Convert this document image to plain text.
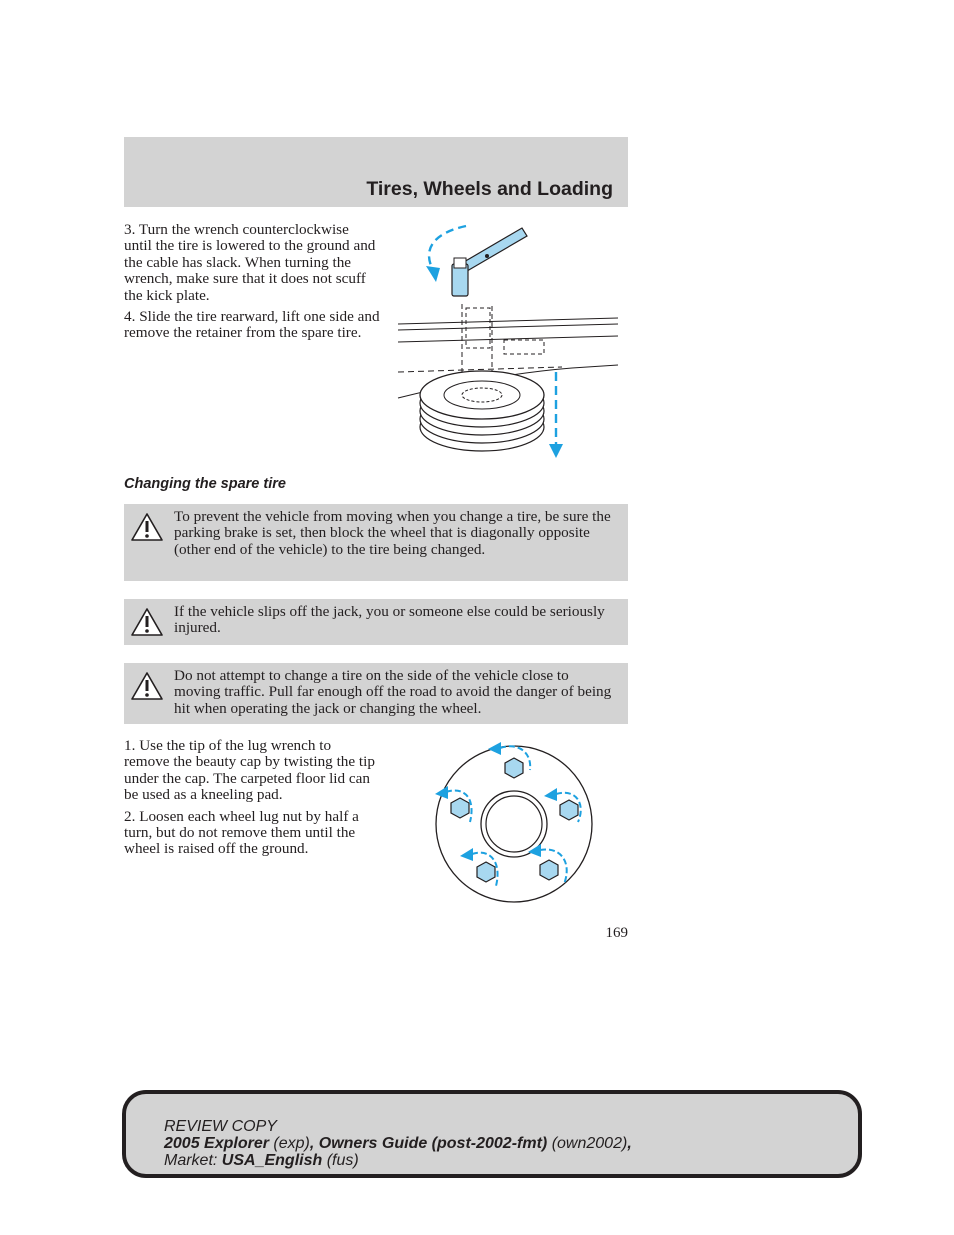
Tires, Wheels and Loading

3. Turn the wrench counterclockwise until the tire is lowered to the ground and the cable has slack. When turning the wrench, make sure that it does not scuff the kick plate.

4. Slide the tire rearward, lift one side and remove the retainer from the spare tire.

Changing the spare tire

To prevent the vehicle from moving when you change a tire, be sure the parking brake is set, then block the wheel that is diagonally opposite (other end of the vehicle) to the tire being changed.

If the vehicle slips off the jack, you or someone else could be seriously injured.

Do not attempt to change a tire on the side of the vehicle close to moving traffic. Pull far enough off the road to avoid the danger of being hit when operating the jack or changing the wheel.

1. Use the tip of the lug wrench to remove the beauty cap by twisting the tip under the cap. The carpeted floor lid can be used as a kneeling pad.

2. Loosen each wheel lug nut by half a turn, but do not remove them until the wheel is raised off the ground.

169
REVIEW COPY
2005 Explorer (exp), Owners Guide (post-2002-fmt) (own2002),
Market: USA_English (fus)
